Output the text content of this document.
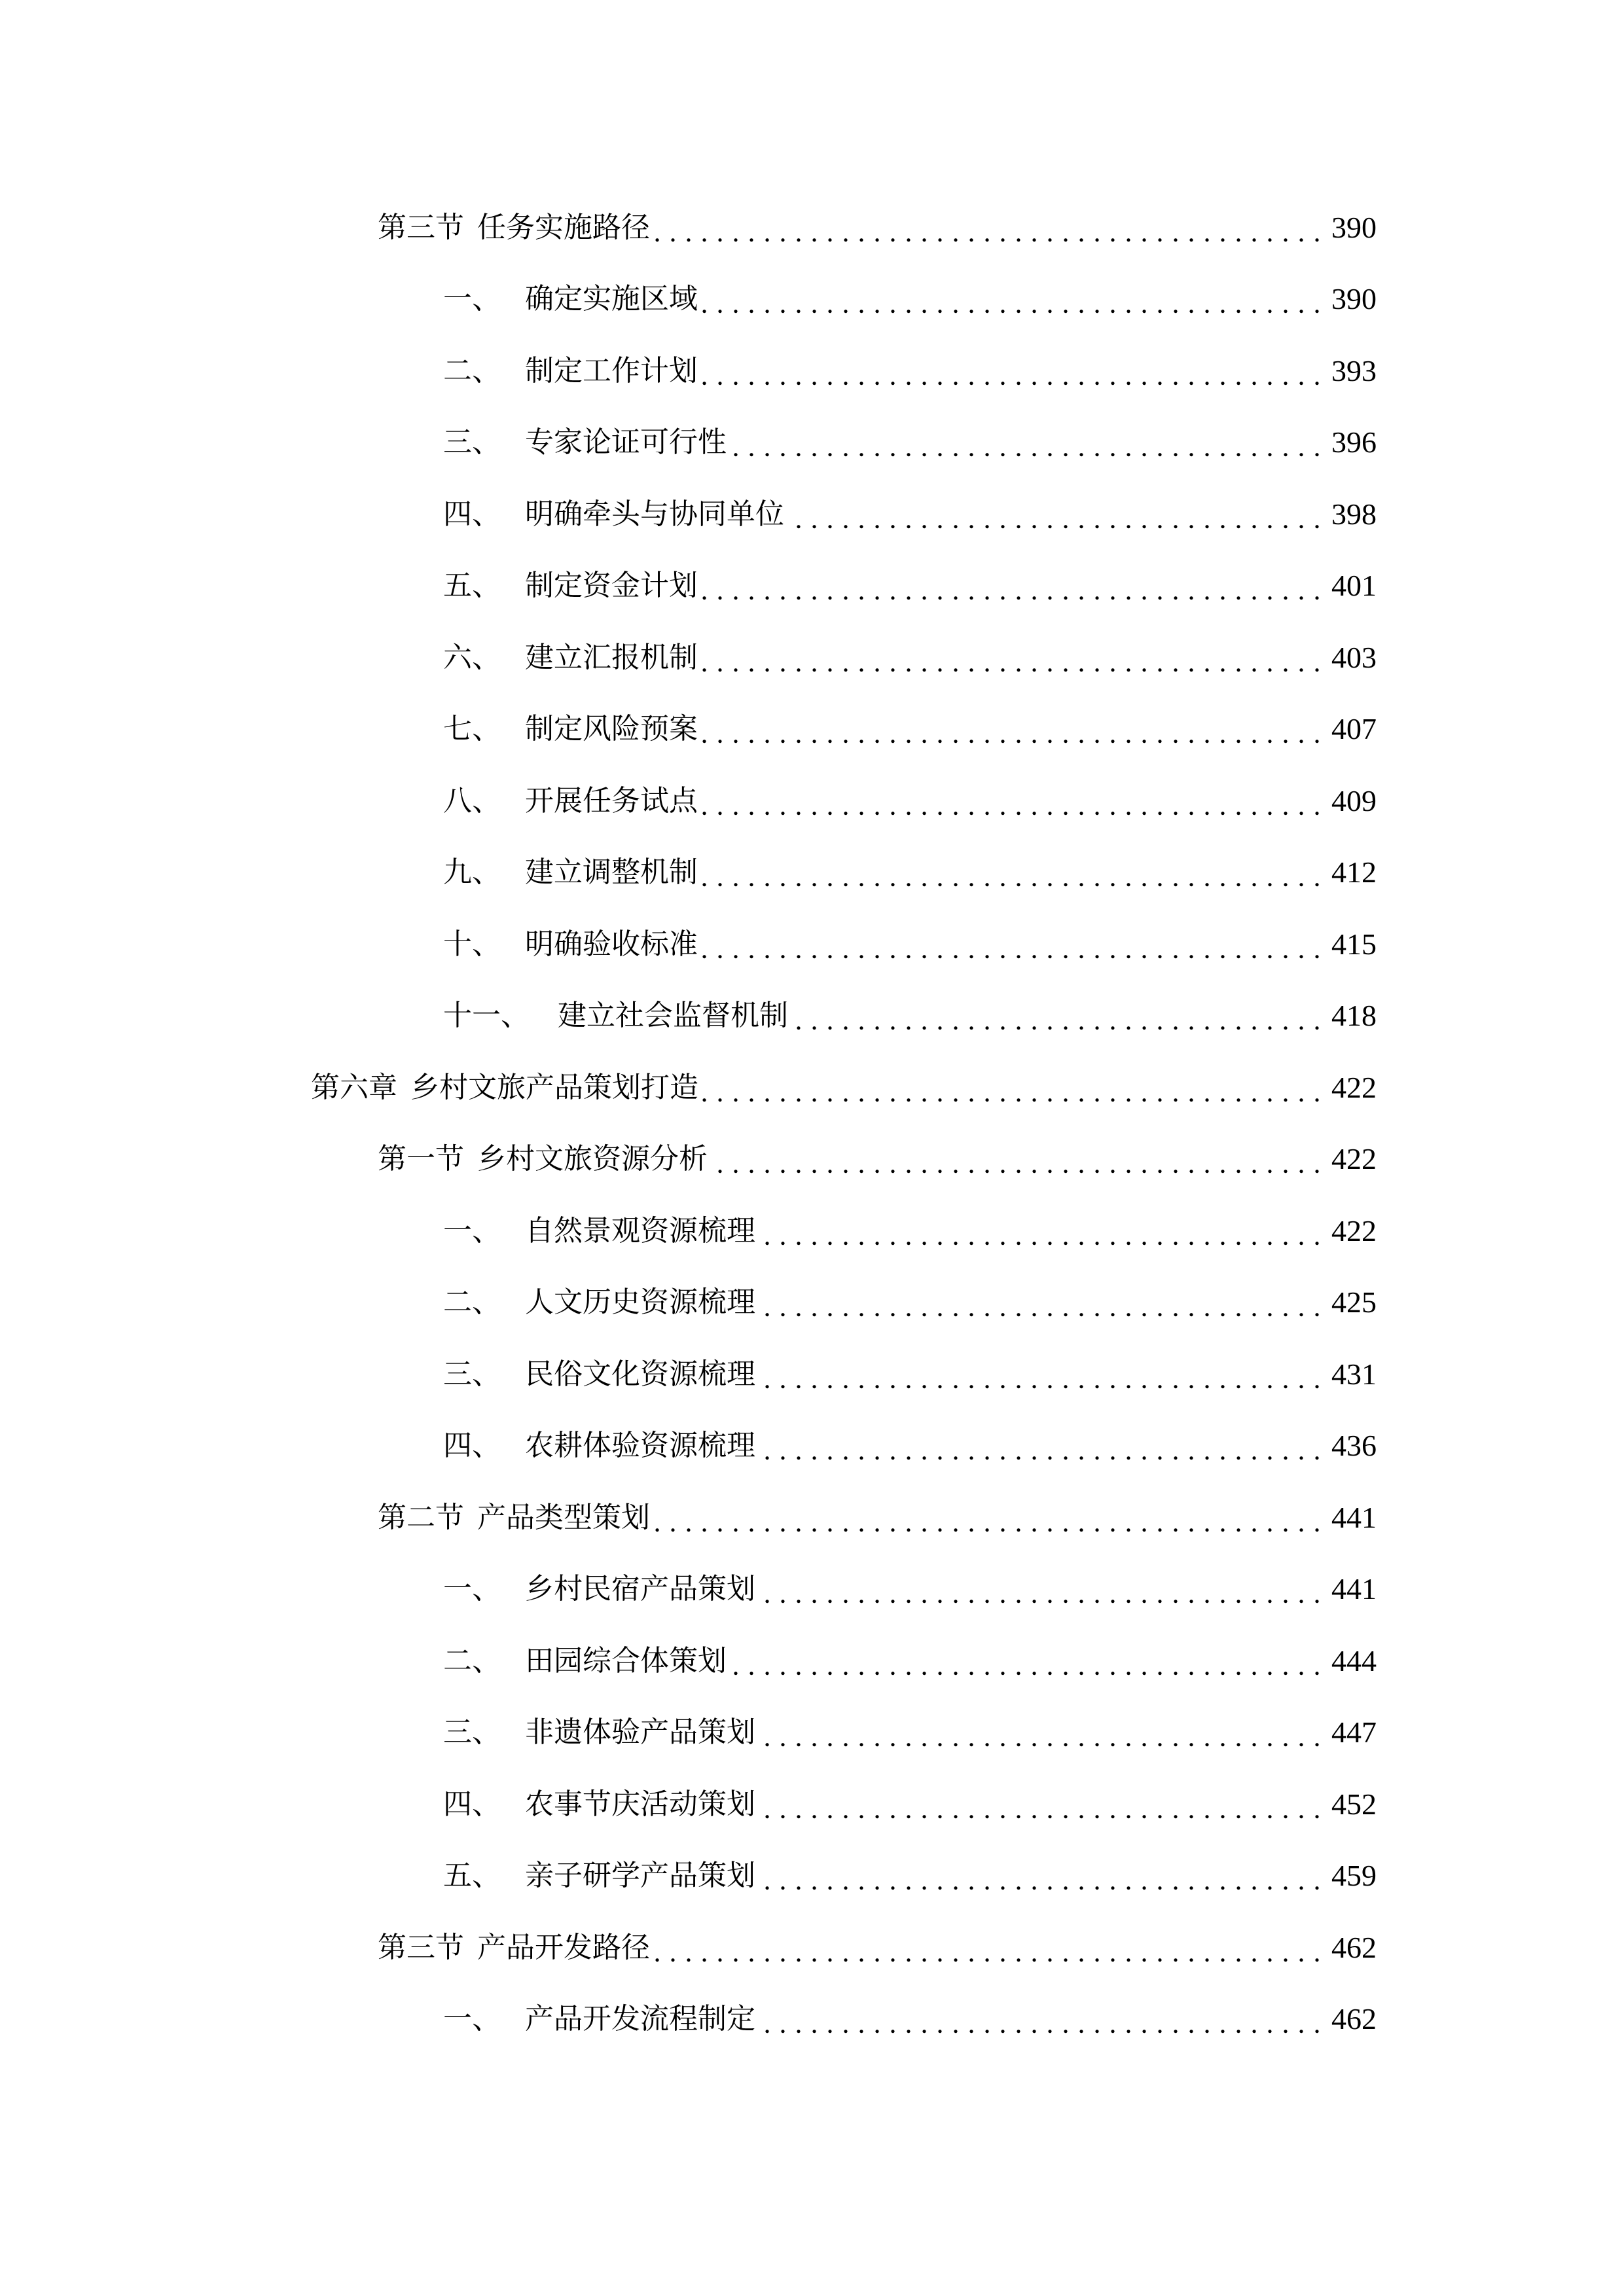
第三节 任务实施路径 . . .	390
一、 确定实施区域 . . .	390
二、 制定工作计划 . . .	393
三、 专家论证可行性 . . .	396
四、 明确牵头与协同单位 . . .	398
五、 制定资金计划 . . .	401
六、 建立汇报机制 . . .	403
七、 制定风险预案 . . .	407
八、 开展任务试点 . . .	409
九、 建立调整机制 . . .	412
十、 明确验收标准 . . .	415
十一、 建立社会监督机制 . . .	418
第六章 乡村文旅产品策划打造 . . .	422
第一节 乡村文旅资源分析 . . .	422
一、 自然景观资源梳理 . . .	422
二、 人文历史资源梳理 . . .	425
三、 民俗文化资源梳理 . . .	431
四、 农耕体验资源梳理 . . .	436
第二节 产品类型策划 . . .	441
一、 乡村民宿产品策划 . . .	441
二、 田园综合体策划 . . .	444
三、 非遗体验产品策划 . . .	447
四、 农事节庆活动策划 . . .	452
五、 亲子研学产品策划 . . .	459
第三节 产品开发路径 . . .	462
一、 产品开发流程制定 . . .	462
